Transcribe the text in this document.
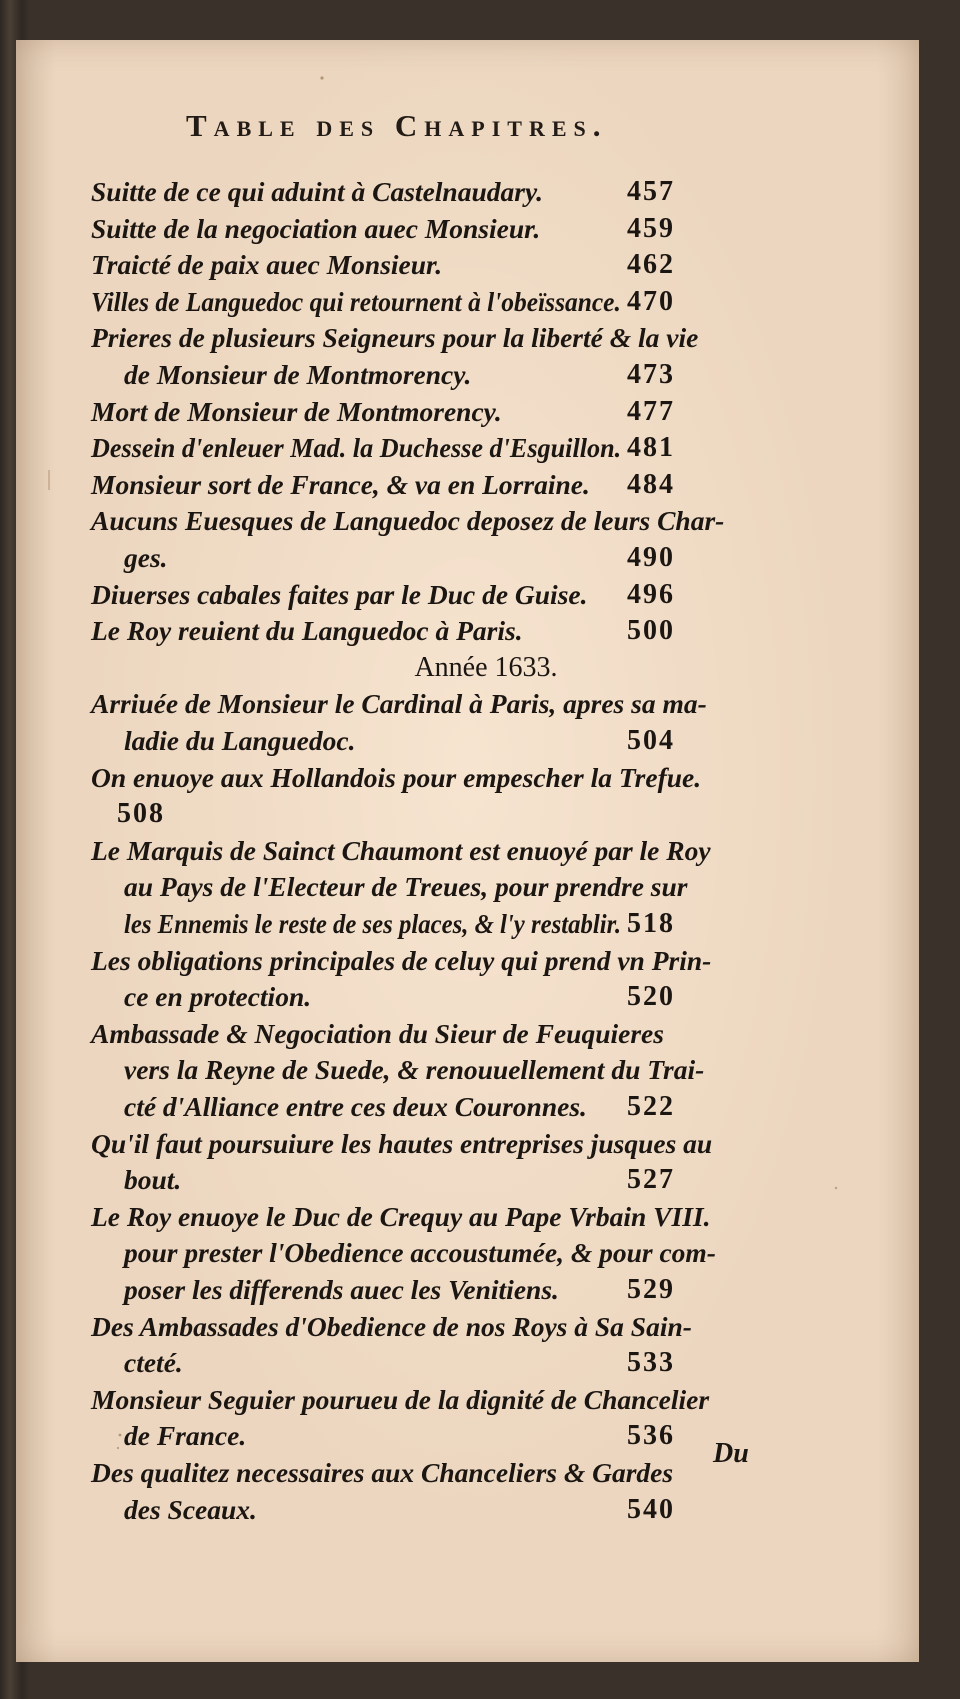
Table des Chapitres.
Suitte de ce qui aduint à Castelnaudary.	457
Suitte de la negociation auec Monsieur.	459
Traicté de paix auec Monsieur.	462
Villes de Languedoc qui retournent à l'obeïssance. 470
Prieres de plusieurs Seigneurs pour la liberté & la vie
de Monsieur de Montmorency.	473
Mort de Monsieur de Montmorency.	477
Dessein d'enleuer Mad. la Duchesse d'Esguillon. 481
Monsieur sort de France, & va en Lorraine. 484
Aucuns Euesques de Languedoc deposez de leurs Char-
ges.	490
Diuerses cabales faites par le Duc de Guise. 496
Le Roy reuient du Languedoc à Paris.	500
Arriuée de Monsieur le Cardinal à Paris, apres sa ma-
ladie du Languedoc.	504
On enuoye aux Hollandois pour empescher la Trefue.
508
Le Marquis de Sainct Chaumont est enuoyé par le Roy
au Pays de l'Electeur de Treues, pour prendre sur
les Ennemis le reste de ses places, & l'y restablir. 518
Les obligations principales de celuy qui prend vn Prin-
ce en protection.	520
Ambassade & Negociation du Sieur de Feuquieres
vers la Reyne de Suede, & renouuellement du Trai-
cté d'Alliance entre ces deux Couronnes. 522
Qu'il faut poursuiure les hautes entreprises jusques au
bout.	527
Le Roy enuoye le Duc de Crequy au Pape Vrbain VIII.
pour prester l'Obedience accoustumée, & pour com-
poser les differends auec les Venitiens. 529
Des Ambassades d'Obedience de nos Roys à Sa Sain-
cteté.	533
Monsieur Seguier pourueu de la dignité de Chancelier
de France.	536
Des qualitez necessaires aux Chanceliers & Gardes
des Sceaux.	540
Année 1633.
Du
